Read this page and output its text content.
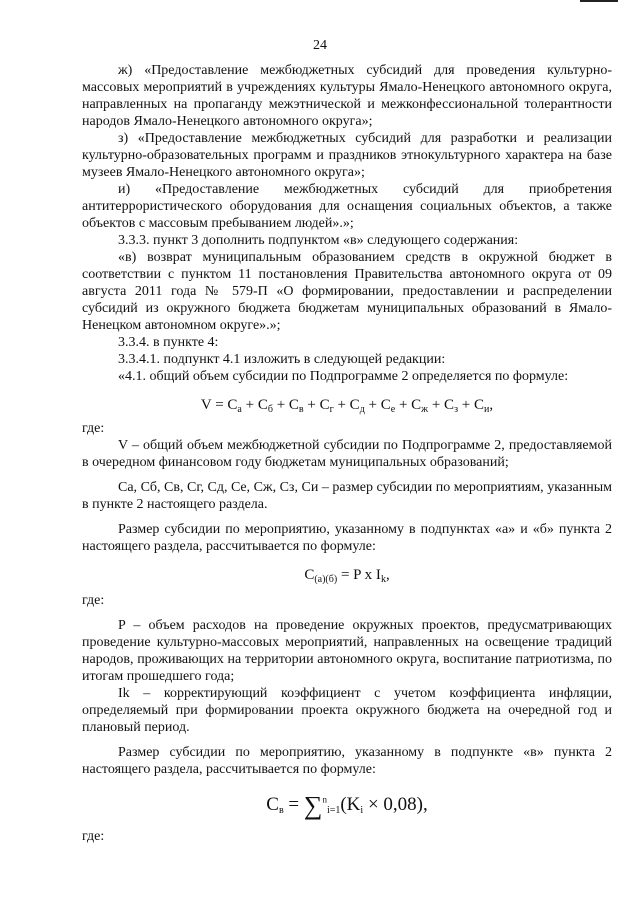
24

ж) «Предоставление межбюджетных субсидий для проведения культурно-массовых мероприятий в учреждениях культуры Ямало-Ненецкого автономного округа, направленных на пропаганду межэтнической и межконфессиональной толерантности народов Ямало-Ненецкого автономного округа»;

з) «Предоставление межбюджетных субсидий для разработки и реализации культурно-образовательных программ и праздников этнокультурного характера на базе музеев Ямало-Ненецкого автономного округа»;

и) «Предоставление межбюджетных субсидий для приобретения антитеррористического оборудования для оснащения социальных объектов, а также объектов с массовым пребыванием людей».»;

3.3.3. пункт 3 дополнить подпунктом «в» следующего содержания:

«в) возврат муниципальным образованием средств в окружной бюджет в соответствии с пунктом 11 постановления Правительства автономного округа от 09 августа 2011 года № 579-П «О формировании, предоставлении и распределении субсидий из окружного бюджета бюджетам муниципальных образований в Ямало-Ненецком автономном округе».»;

3.3.4. в пункте 4:

3.3.4.1. подпункт 4.1 изложить в следующей редакции:

«4.1. общий объем субсидии по Подпрограмме 2 определяется по формуле:

$V = C_а + C_б + C_в + C_г + C_д + C_е + C_ж + C_з + C_и$,

где:

V – общий объем межбюджетной субсидии по Подпрограмме 2, предоставляемой в очередном финансовом году бюджетам муниципальных образований;

Cа, Cб, Cв, Cг, Cд, Cе, Cж, Cз, Cи – размер субсидии по мероприятиям, указанным в пункте 2 настоящего раздела.

Размер субсидии по мероприятию, указанному в подпунктах «а» и «б» пункта 2 настоящего раздела, рассчитывается по формуле:

$C_{(а)(б)} = P$ x $I_k$,

где:

P – объем расходов на проведение окружных проектов, предусматривающих проведение культурно-массовых мероприятий, направленных на освещение традиций народов, проживающих на территории автономного округа, воспитание патриотизма, по итогам прошедшего года;

Ik – корректирующий коэффициент с учетом коэффициента инфляции, определяемый при формировании проекта окружного бюджета на очередной год и плановый период.

Размер субсидии по мероприятию, указанному в подпункте «в» пункта 2 настоящего раздела, рассчитывается по формуле:

$C_в = \sum^n_{i=1}(K_i \times 0,08)$,

где:
